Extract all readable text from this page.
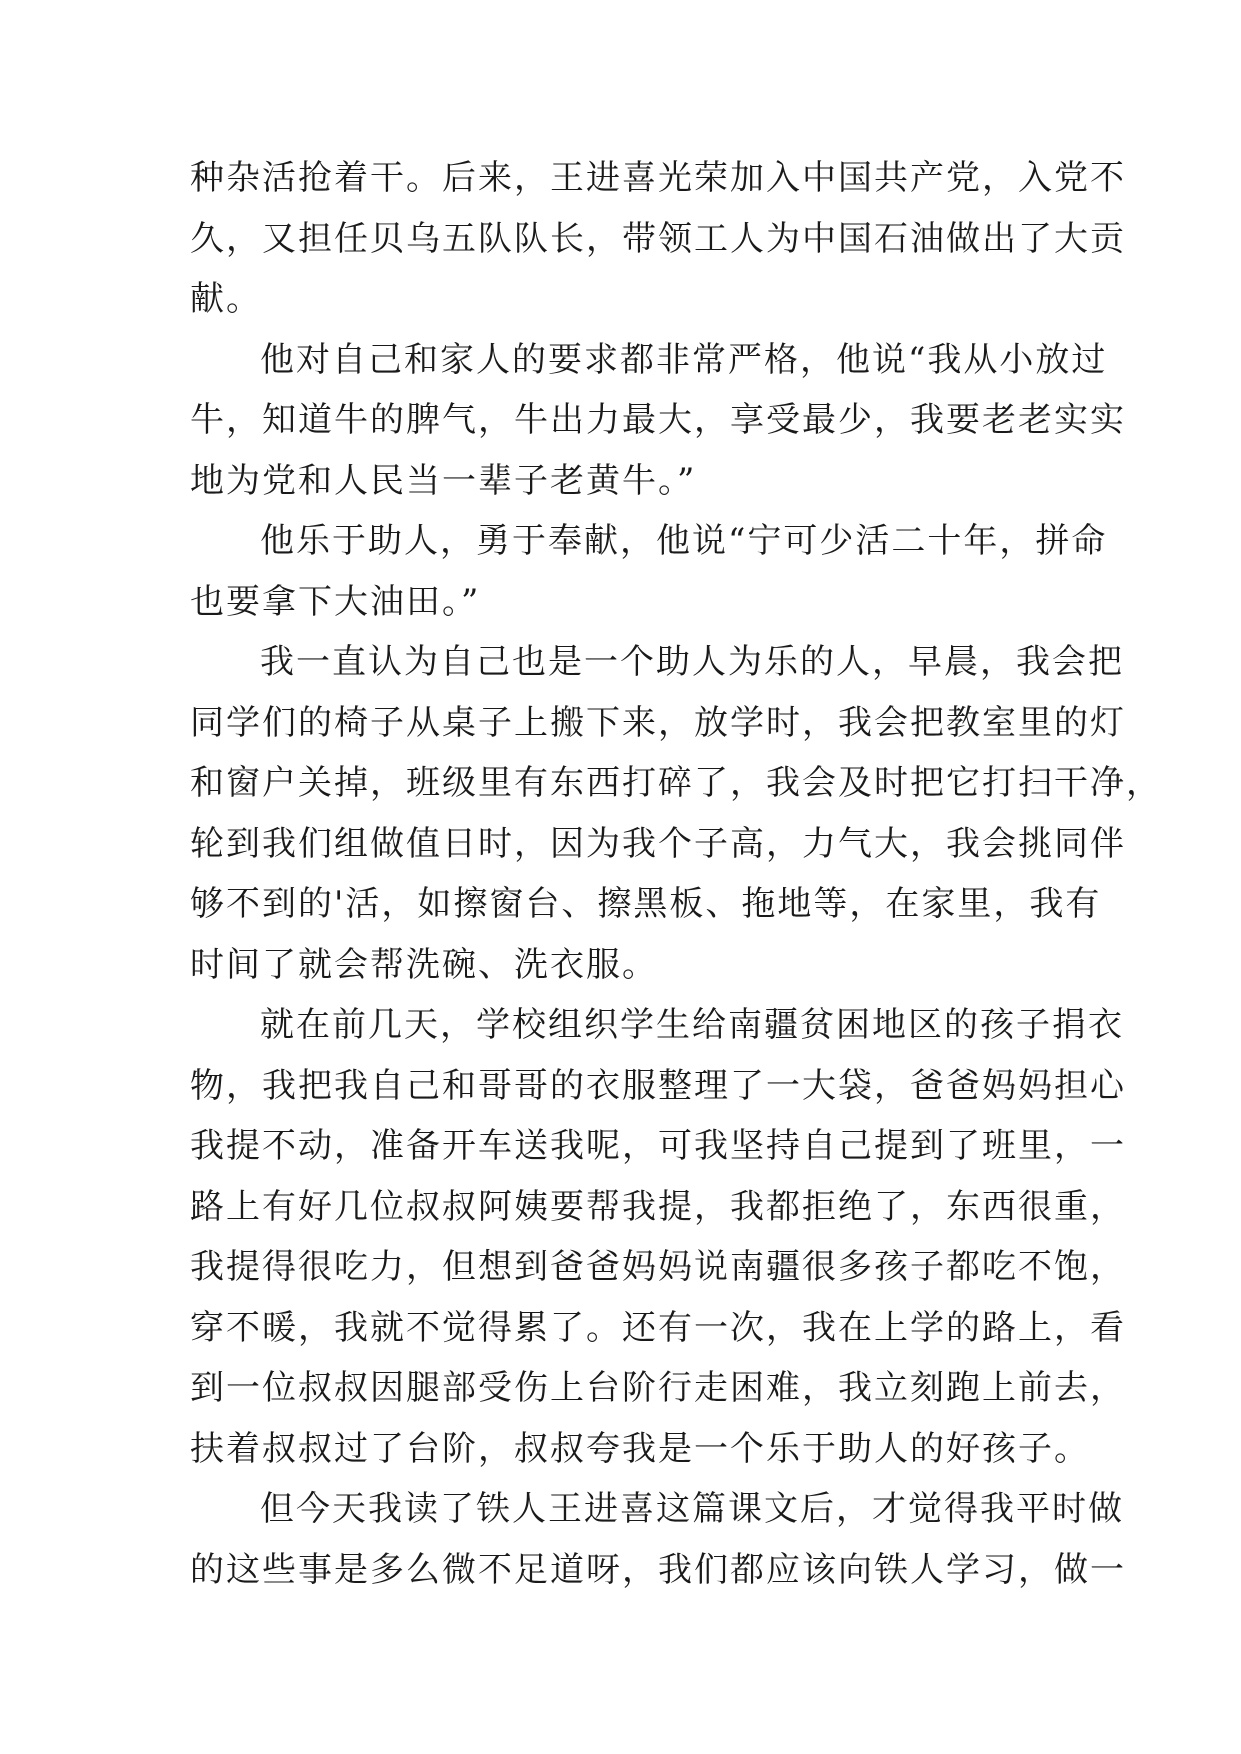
种杂活抢着干。后来，王进喜光荣加入中国共产党，入党不
久，又担任贝乌五队队长，带领工人为中国石油做出了大贡
献。
他对自己和家人的要求都非常严格，他说“我从小放过
牛，知道牛的脾气，牛出力最大，享受最少，我要老老实实
地为党和人民当一辈子老黄牛。”
他乐于助人，勇于奉献，他说“宁可少活二十年，拼命
也要拿下大油田。”
我一直认为自己也是一个助人为乐的人，早晨，我会把
同学们的椅子从桌子上搬下来，放学时，我会把教室里的灯
和窗户关掉，班级里有东西打碎了，我会及时把它打扫干净，
轮到我们组做值日时，因为我个子高，力气大，我会挑同伴
够不到的'活，如擦窗台、擦黑板、拖地等，在家里，我有
时间了就会帮洗碗、洗衣服。
就在前几天，学校组织学生给南疆贫困地区的孩子捐衣
物，我把我自己和哥哥的衣服整理了一大袋，爸爸妈妈担心
我提不动，准备开车送我呢，可我坚持自己提到了班里，一
路上有好几位叔叔阿姨要帮我提，我都拒绝了，东西很重，
我提得很吃力，但想到爸爸妈妈说南疆很多孩子都吃不饱，
穿不暖，我就不觉得累了。还有一次，我在上学的路上，看
到一位叔叔因腿部受伤上台阶行走困难，我立刻跑上前去，
扶着叔叔过了台阶，叔叔夸我是一个乐于助人的好孩子。
但今天我读了铁人王进喜这篇课文后，才觉得我平时做
的这些事是多么微不足道呀，我们都应该向铁人学习，做一
